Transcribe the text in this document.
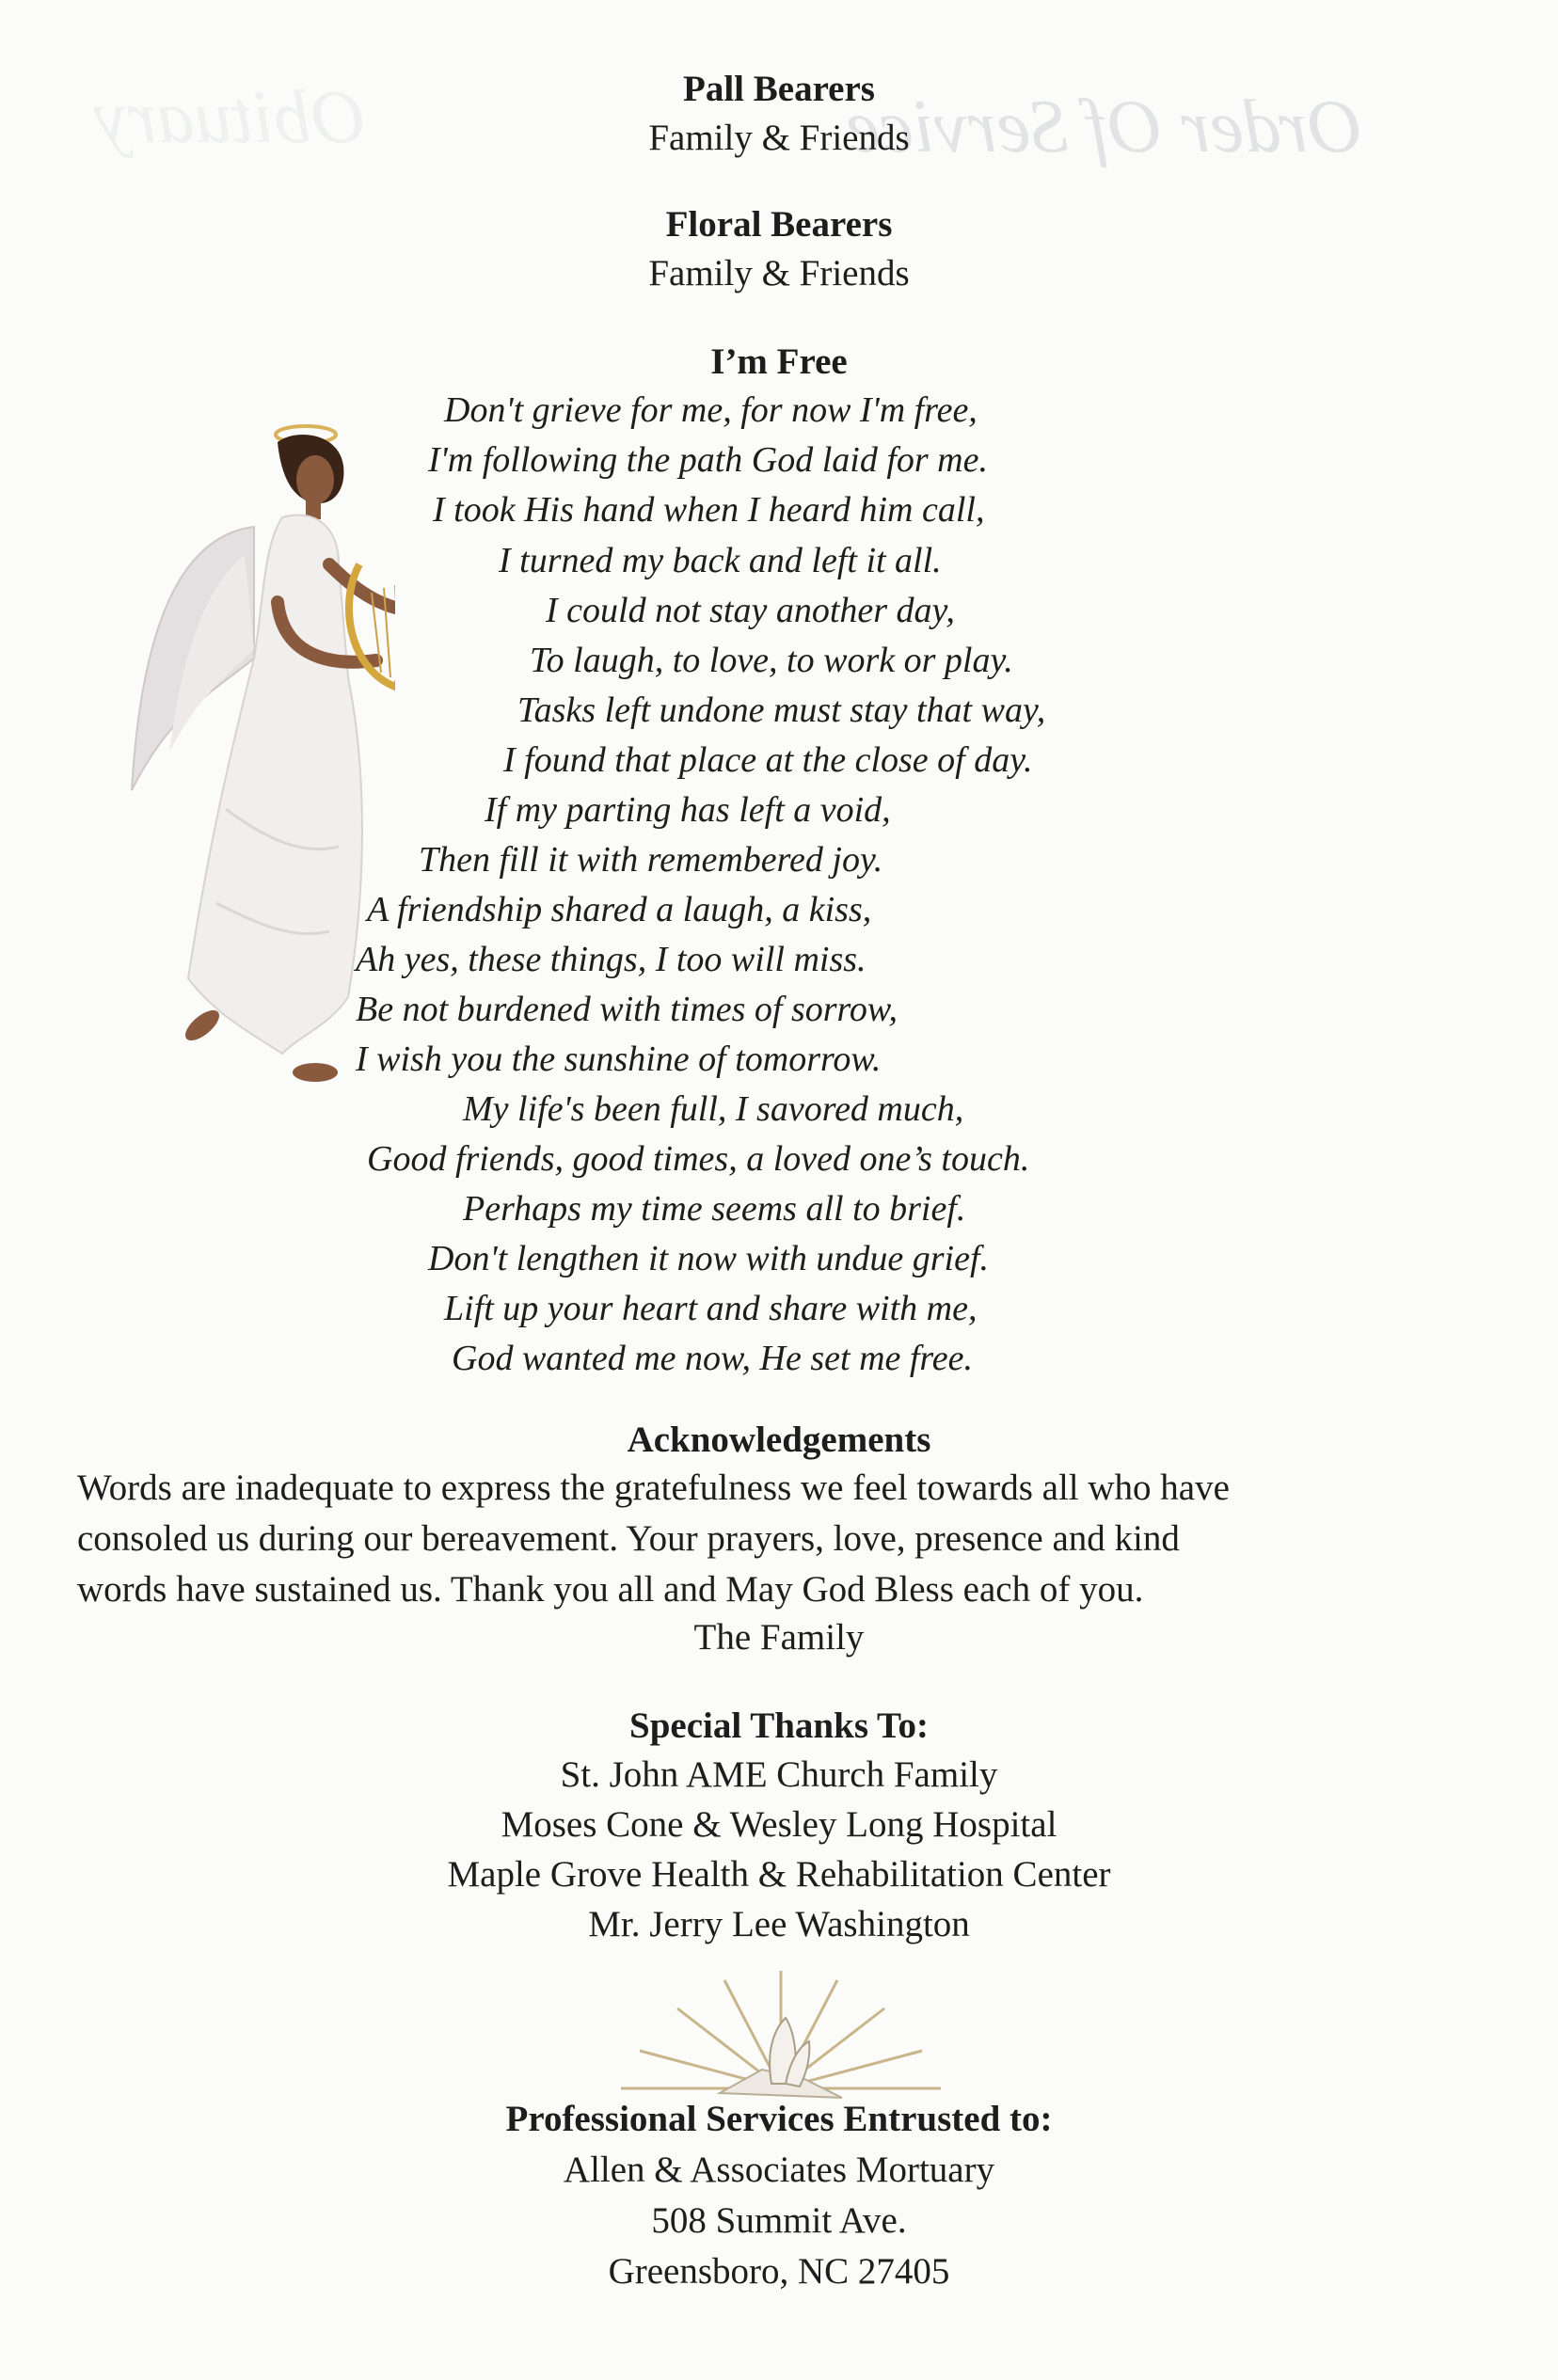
Order Of Service
Obituary	Pall Bearers
Family & Friends
Floral Bearers
Family & Friends
I’m Free
Don't grieve for me, for now I'm free,
I'm following the path God laid for me.
I took His hand when I heard him call,
I turned my back and left it all.
I could not stay another day,
To laugh, to love, to work or play.
Tasks left undone must stay that way,
I found that place at the close of day.
If my parting has left a void,
Then fill it with remembered joy.
A friendship shared a laugh, a kiss,
Ah yes, these things, I too will miss.
Be not burdened with times of sorrow,
I wish you the sunshine of tomorrow.
My life's been full, I savored much,
Good friends, good times, a loved one’s touch.
Perhaps my time seems all to brief.
Don't lengthen it now with undue grief.
Lift up your heart and share with me,
God wanted me now, He set me free.
Acknowledgements
Words are inadequate to express the gratefulness we feel towards all who have
consoled us during our bereavement. Your prayers, love, presence and kind
words have sustained us. Thank you all and May God Bless each of you.
The Family
Special Thanks To:
St. John AME Church Family
Moses Cone & Wesley Long Hospital
Maple Grove Health & Rehabilitation Center
Mr. Jerry Lee Washington
Professional Services Entrusted to:
Allen & Associates Mortuary
508 Summit Ave.
Greensboro, NC 27405
